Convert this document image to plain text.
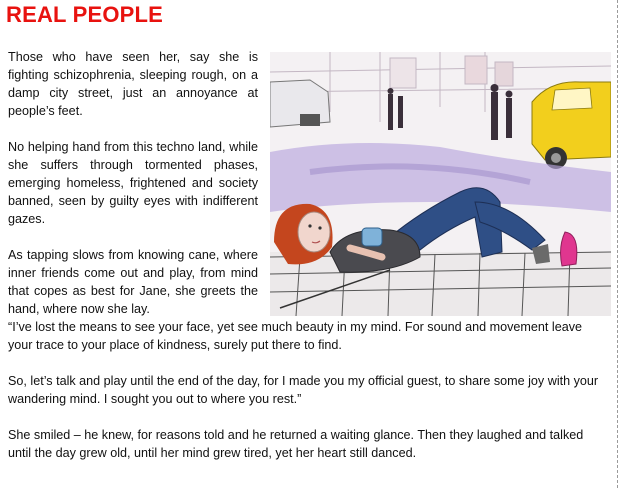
REAL PEOPLE

Those who have seen her, say she is fighting schizophrenia, sleeping rough, on a damp city street, just an annoyance at people’s feet.

No helping hand from this techno land, while she suffers through tormented phases, emerging homeless, frightened and society banned, seen by guilty eyes with indifferent gazes.

As tapping slows from knowing cane, where inner friends come out and play, from mind that copes as best for Jane, she greets the hand, where now she lay.

“I’ve lost the means to see your face, yet see much beauty in my mind. For sound and movement leave your trace to your place of kindness, surely put there to find.

So, let’s talk and play until the end of the day, for I made you my official guest, to share some joy with your wandering mind. I sought you out to where you rest.”

She smiled – he knew, for reasons told and he returned a waiting glance. Then they laughed and talked until the day grew old, until her mind grew tired, yet her heart still danced.
